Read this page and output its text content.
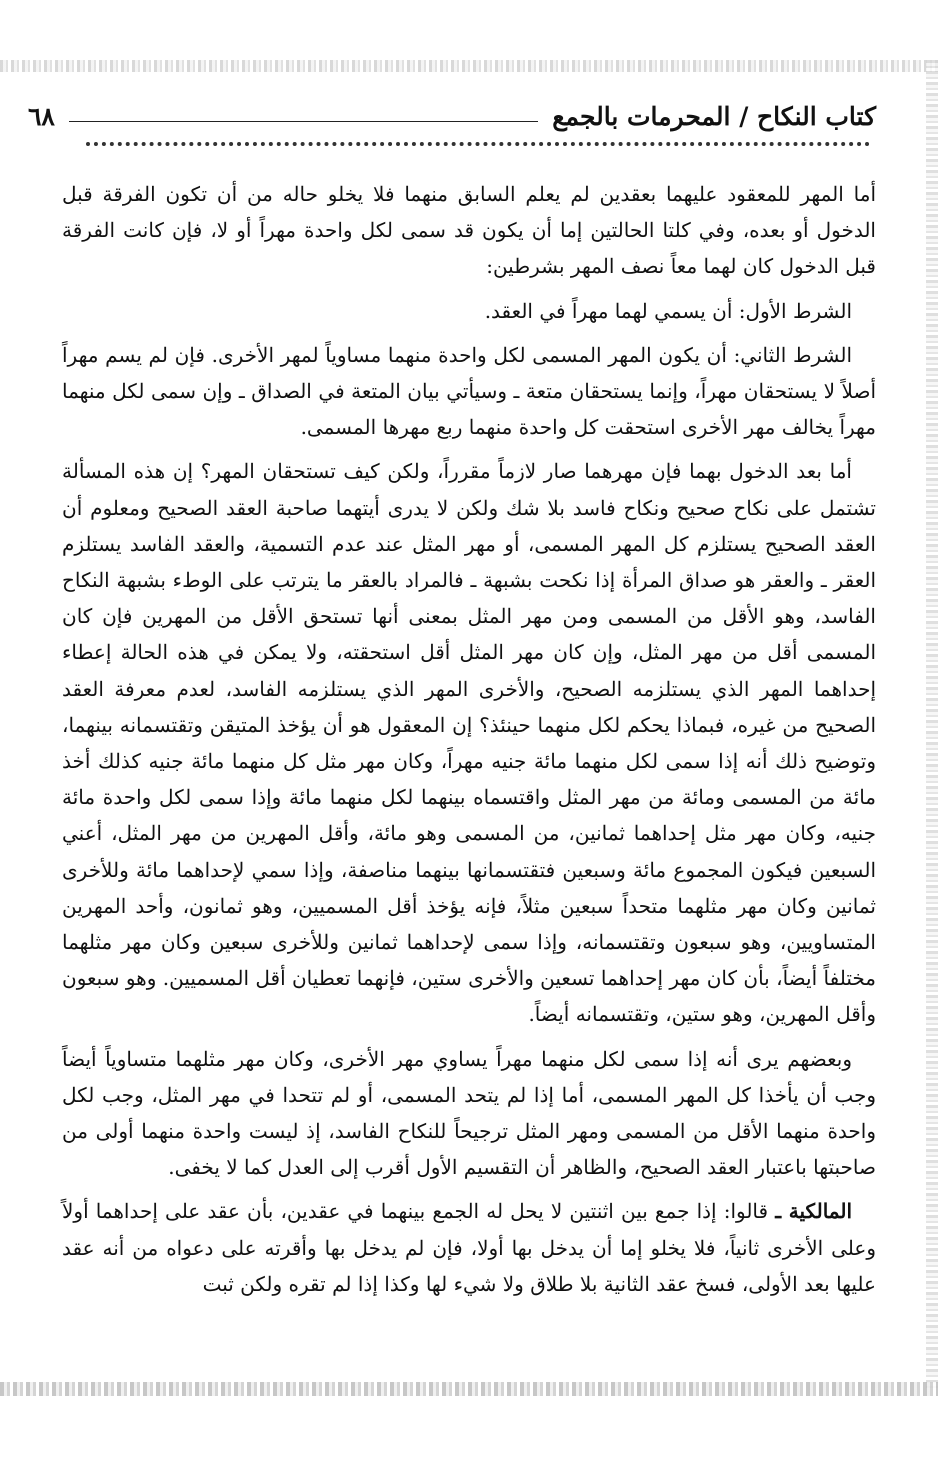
كتاب النكاح / المحرمات بالجمع
٦٨

أما المهر للمعقود عليهما بعقدين لم يعلم السابق منهما فلا يخلو حاله من أن تكون الفرقة قبل الدخول أو بعده، وفي كلتا الحالتين إما أن يكون قد سمى لكل واحدة مهراً أو لا، فإن كانت الفرقة قبل الدخول كان لهما معاً نصف المهر بشرطين:

الشرط الأول: أن يسمي لهما مهراً في العقد.

الشرط الثاني: أن يكون المهر المسمى لكل واحدة منهما مساوياً لمهر الأخرى. فإن لم يسم مهراً أصلاً لا يستحقان مهراً، وإنما يستحقان متعة ـ وسيأتي بيان المتعة في الصداق ـ وإن سمى لكل منهما مهراً يخالف مهر الأخرى استحقت كل واحدة منهما ربع مهرها المسمى.

أما بعد الدخول بهما فإن مهرهما صار لازماً مقرراً، ولكن كيف تستحقان المهر؟ إن هذه المسألة تشتمل على نكاح صحيح ونكاح فاسد بلا شك ولكن لا يدرى أيتهما صاحبة العقد الصحيح ومعلوم أن العقد الصحيح يستلزم كل المهر المسمى، أو مهر المثل عند عدم التسمية، والعقد الفاسد يستلزم العقر ـ والعقر هو صداق المرأة إذا نكحت بشبهة ـ فالمراد بالعقر ما يترتب على الوطء بشبهة النكاح الفاسد، وهو الأقل من المسمى ومن مهر المثل بمعنى أنها تستحق الأقل من المهرين فإن كان المسمى أقل من مهر المثل، وإن كان مهر المثل أقل استحقته، ولا يمكن في هذه الحالة إعطاء إحداهما المهر الذي يستلزمه الصحيح، والأخرى المهر الذي يستلزمه الفاسد، لعدم معرفة العقد الصحيح من غيره، فبماذا يحكم لكل منهما حينئذ؟ إن المعقول هو أن يؤخذ المتيقن وتقتسمانه بينهما، وتوضيح ذلك أنه إذا سمى لكل منهما مائة جنيه مهراً، وكان مهر مثل كل منهما مائة جنيه كذلك أخذ مائة من المسمى ومائة من مهر المثل واقتسماه بينهما لكل منهما مائة وإذا سمى لكل واحدة مائة جنيه، وكان مهر مثل إحداهما ثمانين، من المسمى وهو مائة، وأقل المهرين من مهر المثل، أعني السبعين فيكون المجموع مائة وسبعين فتقتسمانها بينهما مناصفة، وإذا سمي لإحداهما مائة وللأخرى ثمانين وكان مهر مثلهما متحداً سبعين مثلاً، فإنه يؤخذ أقل المسميين، وهو ثمانون، وأحد المهرين المتساويين، وهو سبعون وتقتسمانه، وإذا سمى لإحداهما ثمانين وللأخرى سبعين وكان مهر مثلهما مختلفاً أيضاً، بأن كان مهر إحداهما تسعين والأخرى ستين، فإنهما تعطيان أقل المسميين. وهو سبعون وأقل المهرين، وهو ستين، وتقتسمانه أيضاً.

وبعضهم يرى أنه إذا سمى لكل منهما مهراً يساوي مهر الأخرى، وكان مهر مثلهما متساوياً أيضاً وجب أن يأخذا كل المهر المسمى، أما إذا لم يتحد المسمى، أو لم تتحدا في مهر المثل، وجب لكل واحدة منهما الأقل من المسمى ومهر المثل ترجيحاً للنكاح الفاسد، إذ ليست واحدة منهما أولى من صاحبتها باعتبار العقد الصحيح، والظاهر أن التقسيم الأول أقرب إلى العدل كما لا يخفى.

المالكية ـ قالوا: إذا جمع بين اثنتين لا يحل له الجمع بينهما في عقدين، بأن عقد على إحداهما أولاً وعلى الأخرى ثانياً، فلا يخلو إما أن يدخل بها أولا، فإن لم يدخل بها وأقرته على دعواه من أنه عقد عليها بعد الأولى، فسخ عقد الثانية بلا طلاق ولا شيء لها وكذا إذا لم تقره ولكن ثبت
